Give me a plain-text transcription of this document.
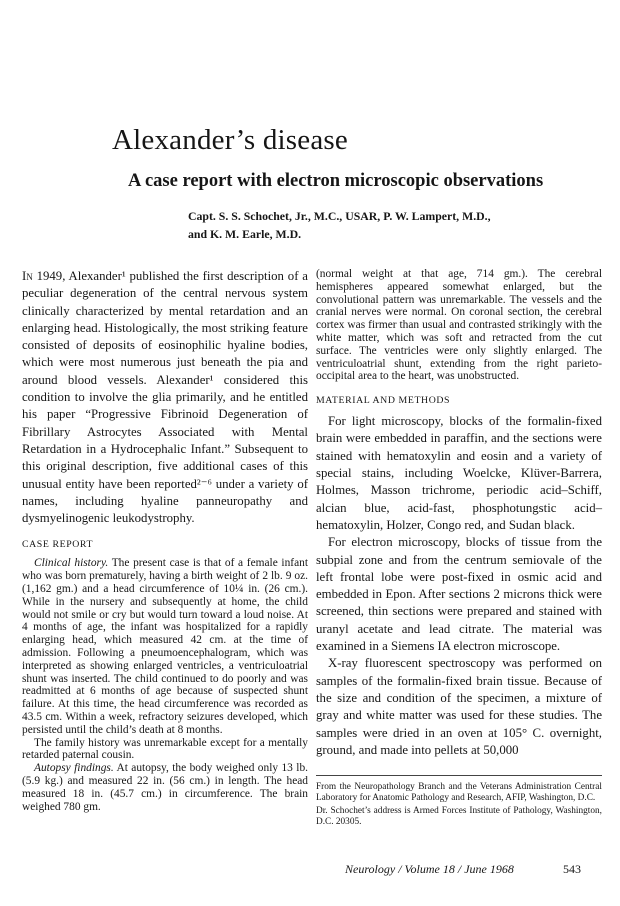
Alexander’s disease
A case report with electron microscopic observations
Capt. S. S. Schochet, Jr., M.C., USAR, P. W. Lampert, M.D.,
and K. M. Earle, M.D.

In 1949, Alexander¹ published the first description of a peculiar degeneration of the central nervous system clinically characterized by mental retardation and an enlarging head. Histologically, the most striking feature consisted of deposits of eosinophilic hyaline bodies, which were most numerous just beneath the pia and around blood vessels. Alexander¹ considered this condition to involve the glia primarily, and he entitled his paper “Progressive Fibrinoid Degeneration of Fibrillary Astrocytes Associated with Mental Retardation in a Hydrocephalic Infant.” Subsequent to this original description, five additional cases of this unusual entity have been reported²⁻⁶ under a variety of names, including hyaline panneuropathy and dysmyelinogenic leukodystrophy.

CASE REPORT

Clinical history. The present case is that of a female infant who was born prematurely, having a birth weight of 2 lb. 9 oz. (1,162 gm.) and a head circumference of 10¼ in. (26 cm.). While in the nursery and subsequently at home, the child would not smile or cry but would turn toward a loud noise. At 4 months of age, the infant was hospitalized for a rapidly enlarging head, which measured 42 cm. at the time of admission. Following a pneumoencephalogram, which was interpreted as showing enlarged ventricles, a ventriculoatrial shunt was inserted. The child continued to do poorly and was readmitted at 6 months of age because of suspected shunt failure. At this time, the head circumference was recorded as 43.5 cm. Within a week, refractory seizures developed, which persisted until the child’s death at 8 months.

The family history was unremarkable except for a mentally retarded paternal cousin.

Autopsy findings. At autopsy, the body weighed only 13 lb. (5.9 kg.) and measured 22 in. (56 cm.) in length. The head measured 18 in. (45.7 cm.) in circumference. The brain weighed 780 gm.

(normal weight at that age, 714 gm.). The cerebral hemispheres appeared somewhat enlarged, but the convolutional pattern was unremarkable. The vessels and the cranial nerves were normal. On coronal section, the cerebral cortex was firmer than usual and contrasted strikingly with the white matter, which was soft and retracted from the cut surface. The ventricles were only slightly enlarged. The ventriculoatrial shunt, extending from the right parieto-occipital area to the heart, was unobstructed.

MATERIAL AND METHODS

For light microscopy, blocks of the formalin-fixed brain were embedded in paraffin, and the sections were stained with hematoxylin and eosin and a variety of special stains, including Woelcke, Klüver-Barrera, Holmes, Masson trichrome, periodic acid–Schiff, alcian blue, acid-fast, phosphotungstic acid–hematoxylin, Holzer, Congo red, and Sudan black.

For electron microscopy, blocks of tissue from the subpial zone and from the centrum semiovale of the left frontal lobe were post-fixed in osmic acid and embedded in Epon. After sections 2 microns thick were screened, thin sections were prepared and stained with uranyl acetate and lead citrate. The material was examined in a Siemens IA electron microscope.

X-ray fluorescent spectroscopy was performed on samples of the formalin-fixed brain tissue. Because of the size and condition of the specimen, a mixture of gray and white matter was used for these studies. The samples were dried in an oven at 105° C. overnight, ground, and made into pellets at 50,000

From the Neuropathology Branch and the Veterans Administration Central Laboratory for Anatomic Pathology and Research, AFIP, Washington, D.C.

Dr. Schochet’s address is Armed Forces Institute of Pathology, Washington, D.C. 20305.

Neurology / Volume 18 / June 1968	543
